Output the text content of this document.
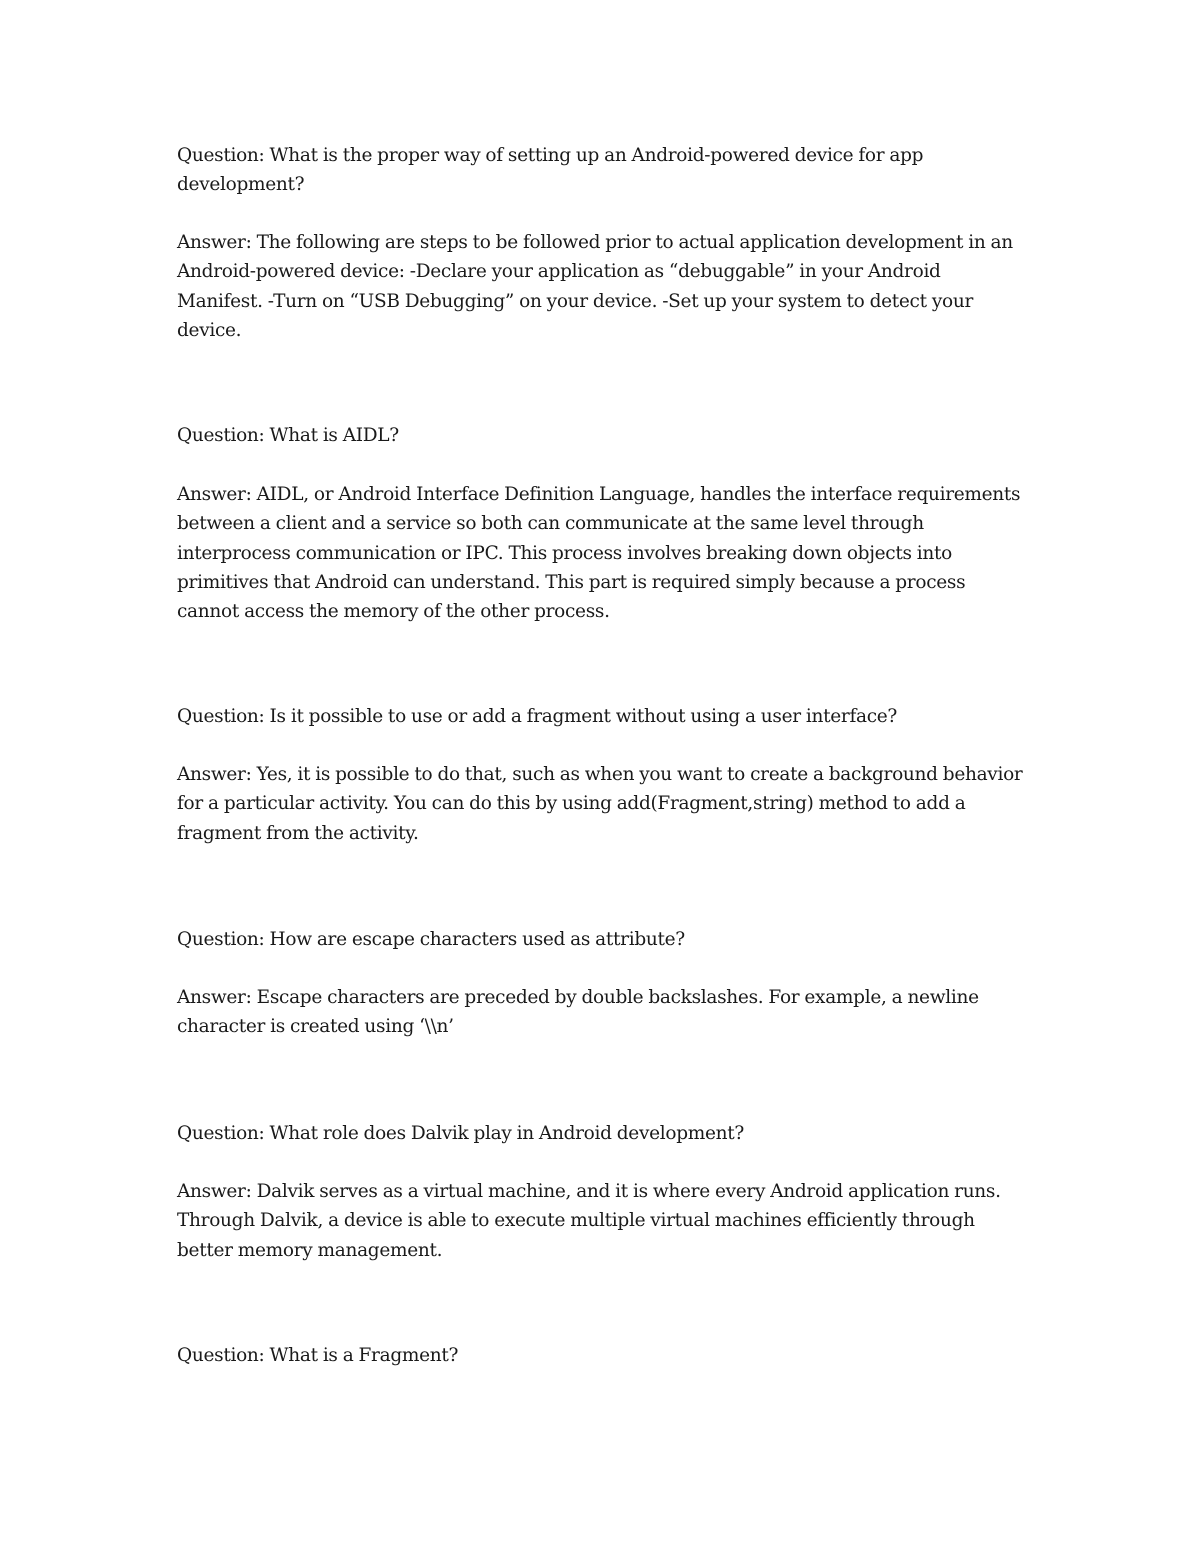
Question: What is the proper way of setting up an Android-powered device for app development?

Answer: The following are steps to be followed prior to actual application development in an Android-powered device: -Declare your application as “debuggable” in your Android Manifest. -Turn on “USB Debugging” on your device. -Set up your system to detect your device.

Question: What is AIDL?

Answer: AIDL, or Android Interface Definition Language, handles the interface requirements between a client and a service so both can communicate at the same level through interprocess communication or IPC. This process involves breaking down objects into primitives that Android can understand. This part is required simply because a process cannot access the memory of the other process.

Question: Is it possible to use or add a fragment without using a user interface?

Answer: Yes, it is possible to do that, such as when you want to create a background behavior for a particular activity. You can do this by using add(Fragment,string) method to add a fragment from the activity.

Question: How are escape characters used as attribute?

Answer: Escape characters are preceded by double backslashes. For example, a newline character is created using ‘\\n’

Question: What role does Dalvik play in Android development?

Answer: Dalvik serves as a virtual machine, and it is where every Android application runs. Through Dalvik, a device is able to execute multiple virtual machines efficiently through better memory management.

Question: What is a Fragment?
